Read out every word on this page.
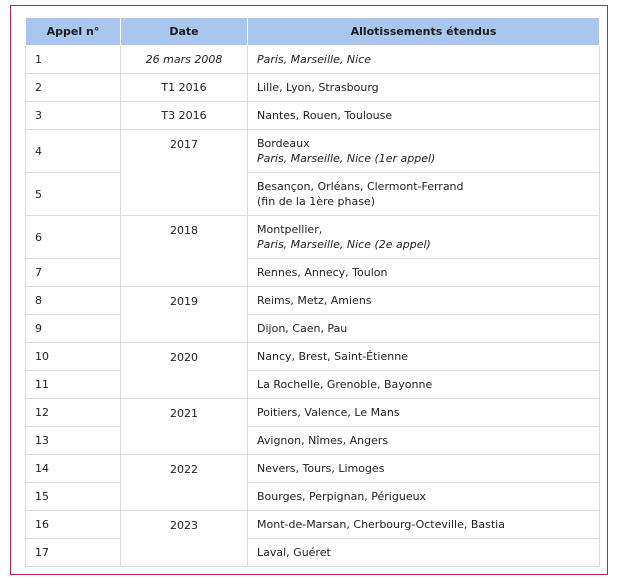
Appel n°	Date	Allotissements étendus
1	26 mars 2008	Paris, Marseille, Nice
2	T1 2016	Lille, Lyon, Strasbourg
3	T3 2016	Nantes, Rouen, Toulouse
4	2017	Bordeaux
Paris, Marseille, Nice (1er appel)

5		Besançon, Orléans, Clermont-Ferrand
(fin de la 1ère phase)

6	2018	Montpellier,
Paris, Marseille, Nice (2e appel)

7		Rennes, Annecy, Toulon
8	2019	Reims, Metz, Amiens
9		Dijon, Caen, Pau
10	2020	Nancy, Brest, Saint-Étienne
11		La Rochelle, Grenoble, Bayonne
12	2021	Poitiers, Valence, Le Mans
13		Avignon, Nîmes, Angers
14	2022	Nevers, Tours, Limoges
15		Bourges, Perpignan, Périgueux
16	2023	Mont-de-Marsan, Cherbourg-Octeville, Bastia
17		Laval, Guéret
